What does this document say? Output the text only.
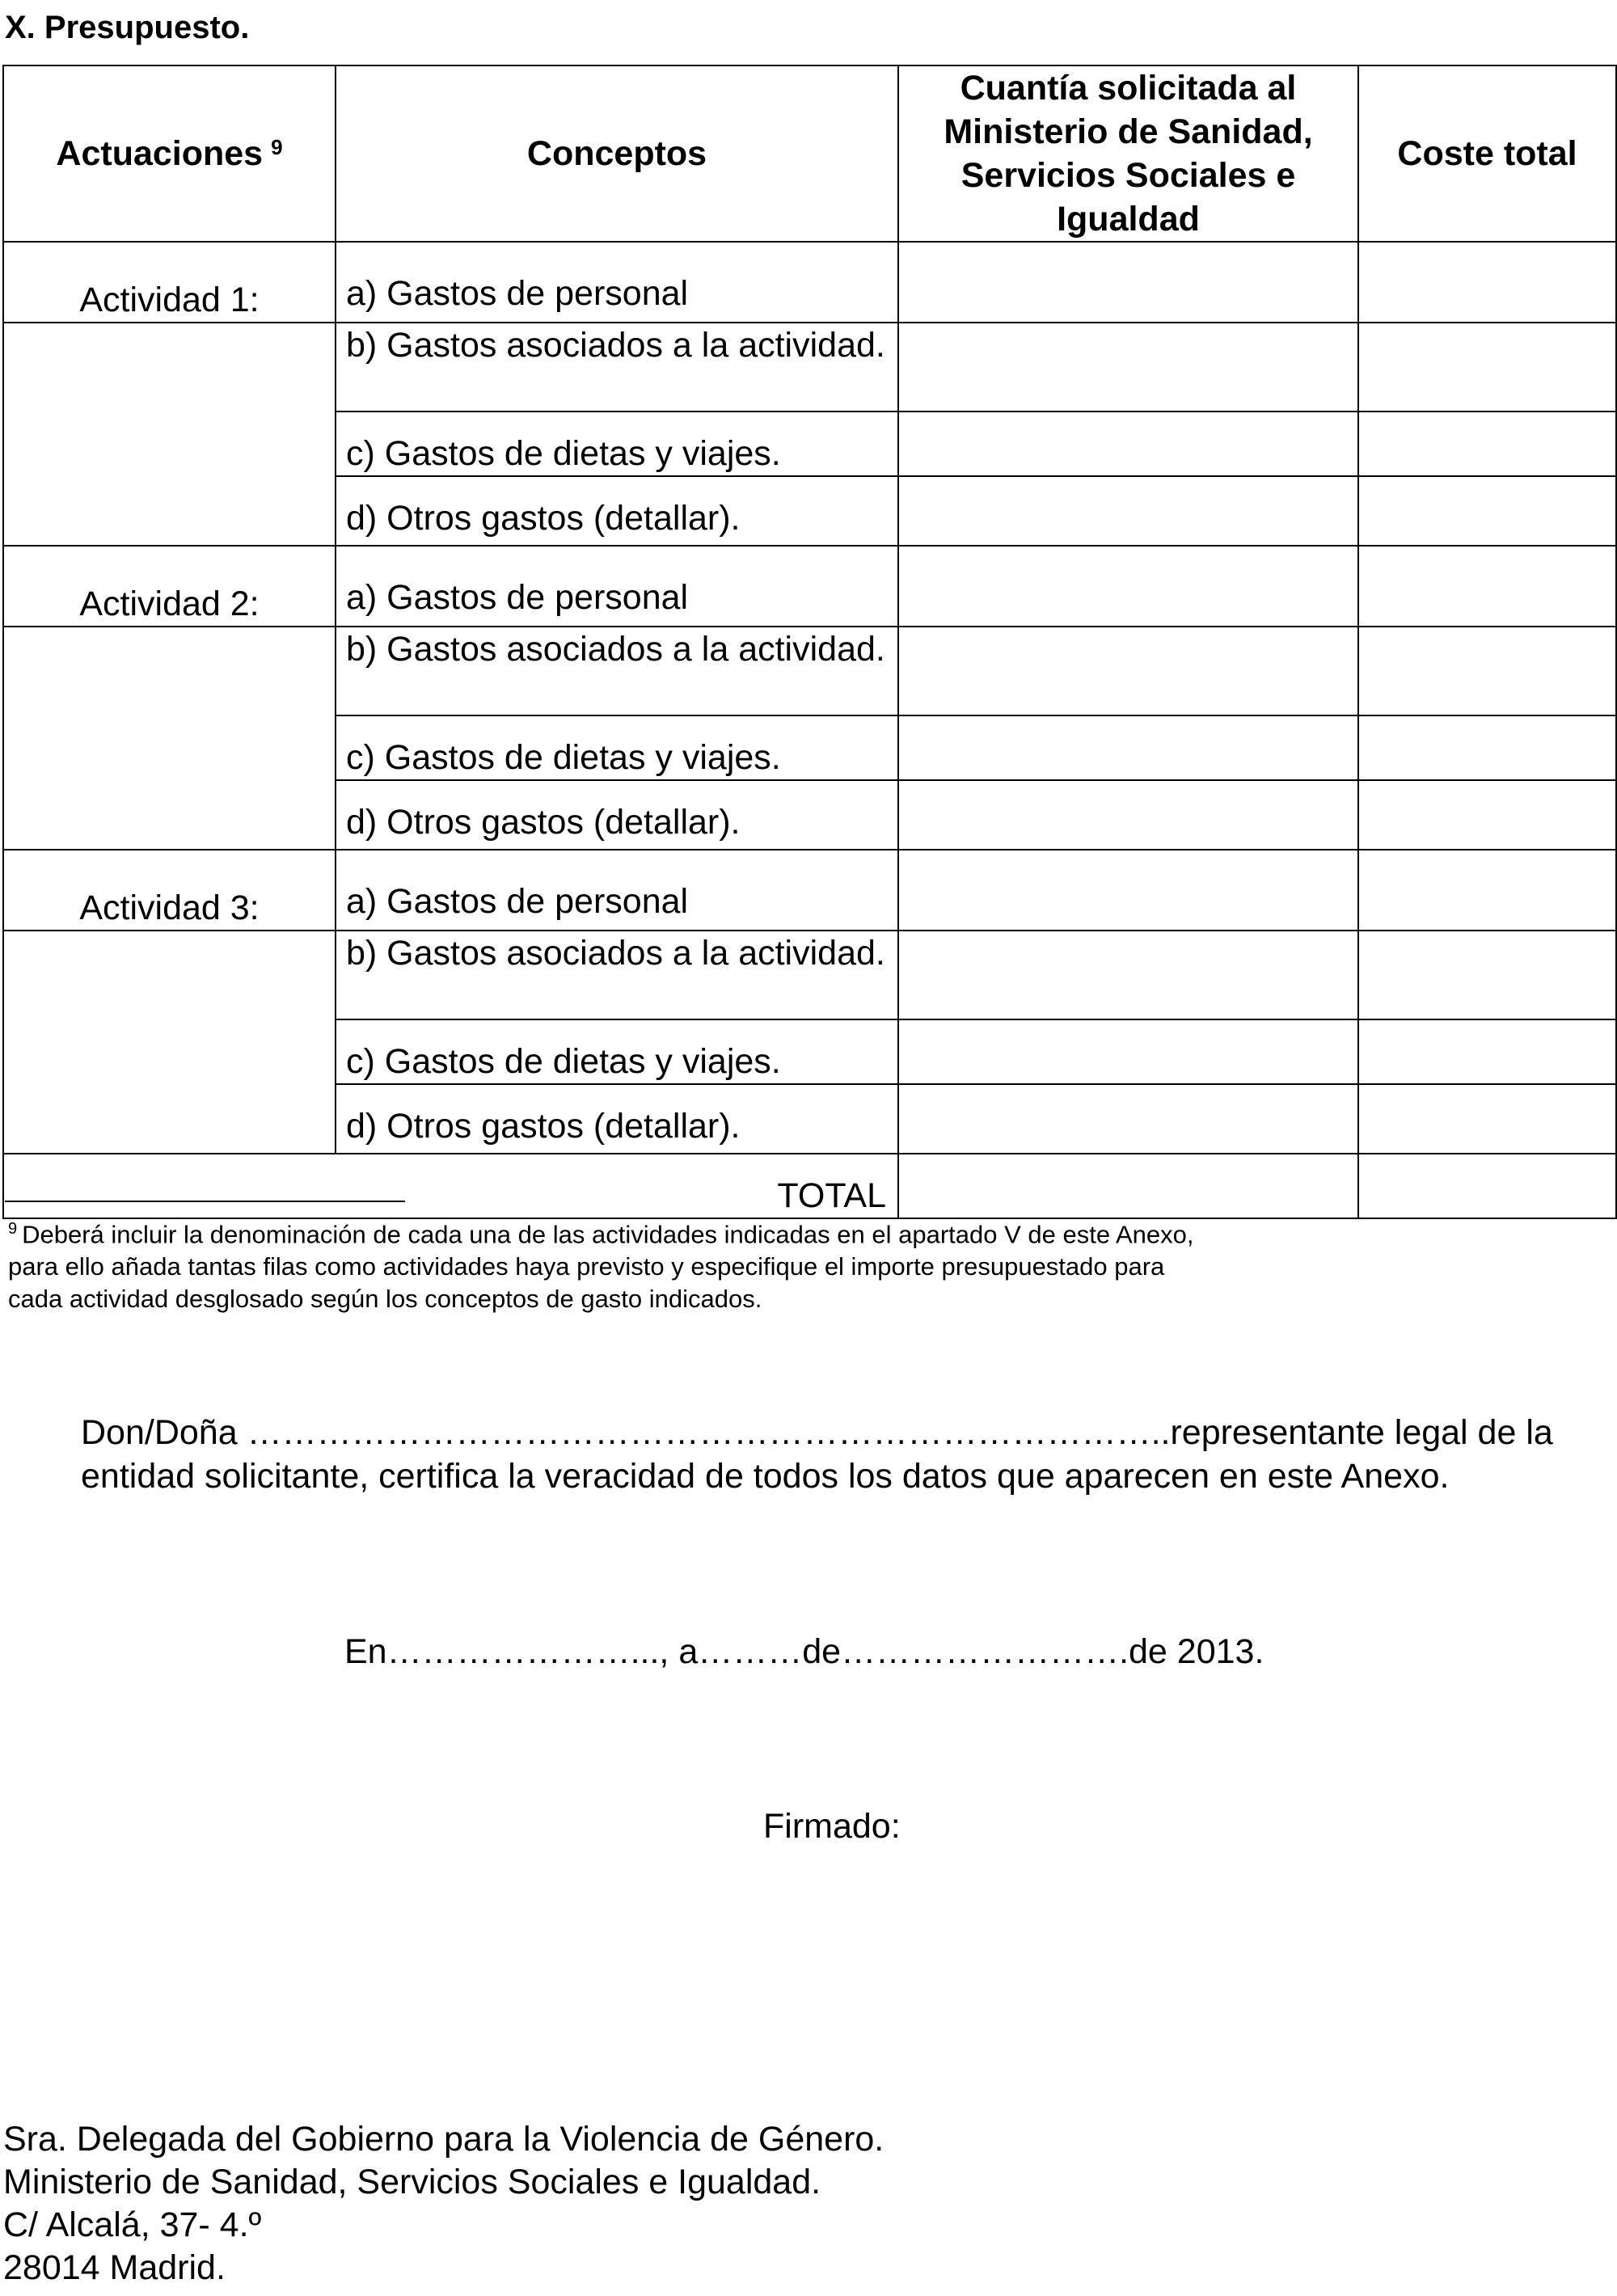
X. Presupuesto.
Actuaciones $^9$	Conceptos	Cuantía solicitada al Ministerio de Sanidad, Servicios Sociales e Igualdad	Coste total

Actividad 1:	a) Gastos de personal		

	b) Gastos asociados a la actividad.		

	c) Gastos de dietas y viajes.		

	d) Otros gastos (detallar).		

Actividad 2:	a) Gastos de personal		

	b) Gastos asociados a la actividad.		

	c) Gastos de dietas y viajes.		

	d) Otros gastos (detallar).		

Actividad 3:	a) Gastos de personal		

	b) Gastos asociados a la actividad.		

	c) Gastos de dietas y viajes.		

	d) Otros gastos (detallar).		

TOTAL			

$^9$ Deberá incluir la denominación de cada una de las actividades indicadas en el apartado V de este Anexo, para ello añada tantas filas como actividades haya previsto y especifique el importe presupuestado para cada actividad desglosado según los conceptos de gasto indicados.

Don/Doña ……………………………………………………………………..representante legal de la entidad solicitante, certifica la veracidad de todos los datos que aparecen en este Anexo.

En…………………..., a………de…………………….de 2013.

Firmado:

Sra. Delegada del Gobierno para la Violencia de Género.
Ministerio de Sanidad, Servicios Sociales e Igualdad.
C/ Alcalá, 37- 4.º
28014 Madrid.
